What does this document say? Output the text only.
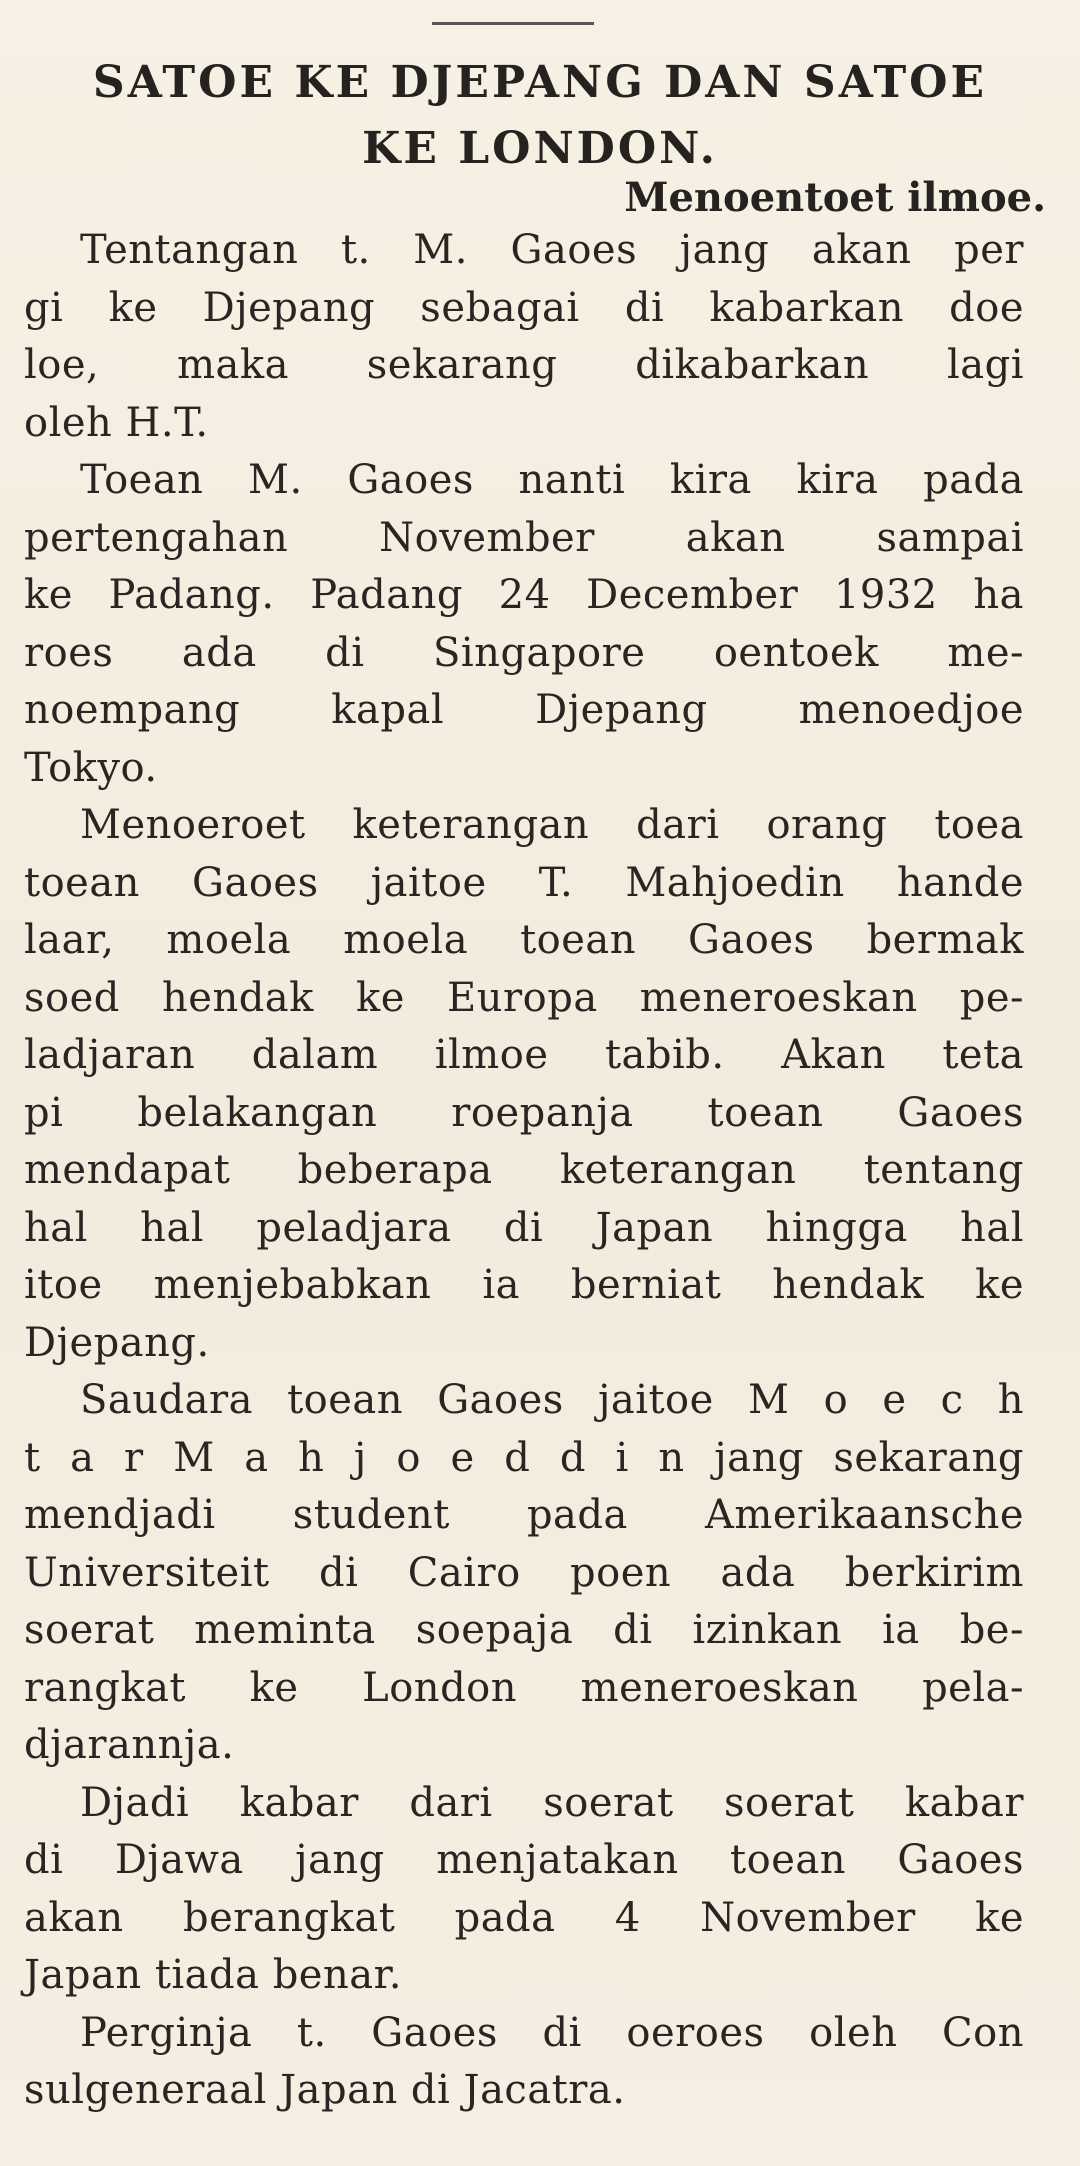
SATOE KE DJEPANG DAN SATOE
KE LONDON.
Menoentoet ilmoe.
Tentangan t. M. Gaoes jang akan per
gi ke Djepang sebagai di kabarkan doe
loe, maka sekarang dikabarkan lagi
oleh H.T.
Toean M. Gaoes nanti kira kira pada
pertengahan November akan sampai
ke Padang. Padang 24 December 1932 ha
roes ada di Singapore oentoek me-
noempang kapal Djepang menoedjoe
Tokyo.
Menoeroet keterangan dari orang toea
toean Gaoes jaitoe T. Mahjoedin hande
laar, moela moela toean Gaoes bermak
soed hendak ke Europa meneroeskan pe-
ladjaran dalam ilmoe tabib. Akan teta
pi belakangan roepanja toean Gaoes
mendapat beberapa keterangan tentang
hal hal peladjara di Japan hingga hal
itoe menjebabkan ia berniat hendak ke
Djepang.
Saudara toean Gaoes jaitoe M o e c h
t a r M a h j o e d d i n jang sekarang
mendjadi student pada Amerikaansche
Universiteit di Cairo poen ada berkirim
soerat meminta soepaja di izinkan ia be-
rangkat ke London meneroeskan pela-
djarannja.
Djadi kabar dari soerat soerat kabar
di Djawa jang menjatakan toean Gaoes
akan berangkat pada 4 November ke
Japan tiada benar.
Perginja t. Gaoes di oeroes oleh Con
sulgeneraal Japan di Jacatra.
